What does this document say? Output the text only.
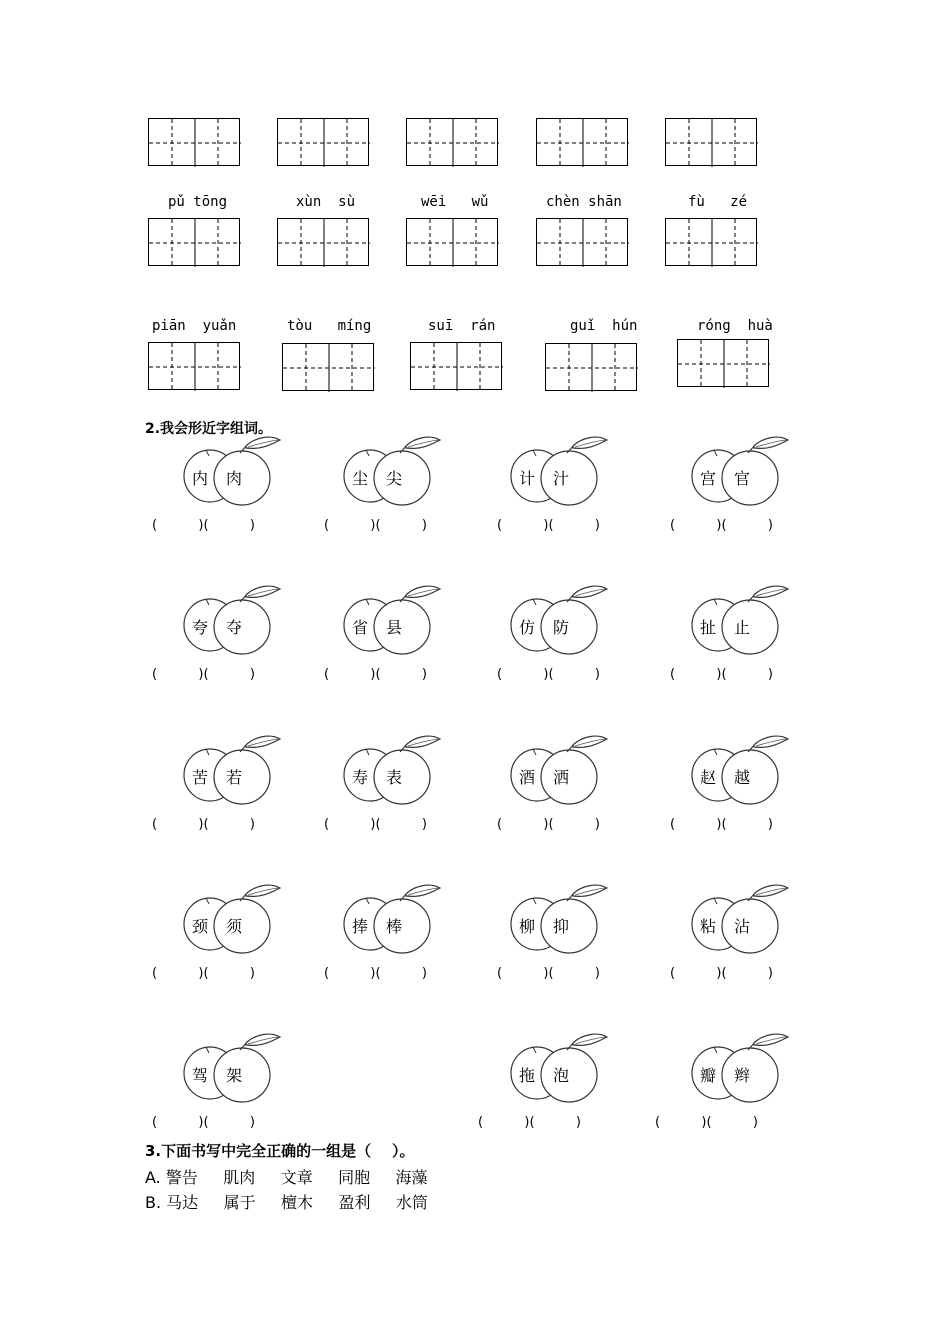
pǔ tōng	xùn  sù	wēi   wǔ	chèn shān	fù   zé
piān  yuǎn	tòu   míng	suī  rán	guǐ  hún	róng  huà
内 肉	尘 尖	计 汁	宫 官
(          )(          )	(          )(          )	(          )(          )	(          )(          )
夸 夺	省 县	仿 防	扯 止
(          )(          )	(          )(          )	(          )(          )	(          )(          )
苦 若	寿 表	酒 洒	赵 越
(          )(          )	(          )(          )	(          )(          )	(          )(          )
颈 须	捧 棒	柳 抑	粘 沾
(          )(          )	(          )(          )	(          )(          )	(          )(          )
驾 架	拖 泡	瓣 辫
(          )(          )	(          )(          )	(          )(          )
2.我会形近字组词。
3.下面书写中完全正确的一组是（    ）。
A. 警告     肌肉     文章     同胞     海藻
B. 马达     属于     檀木     盈利     水筒
